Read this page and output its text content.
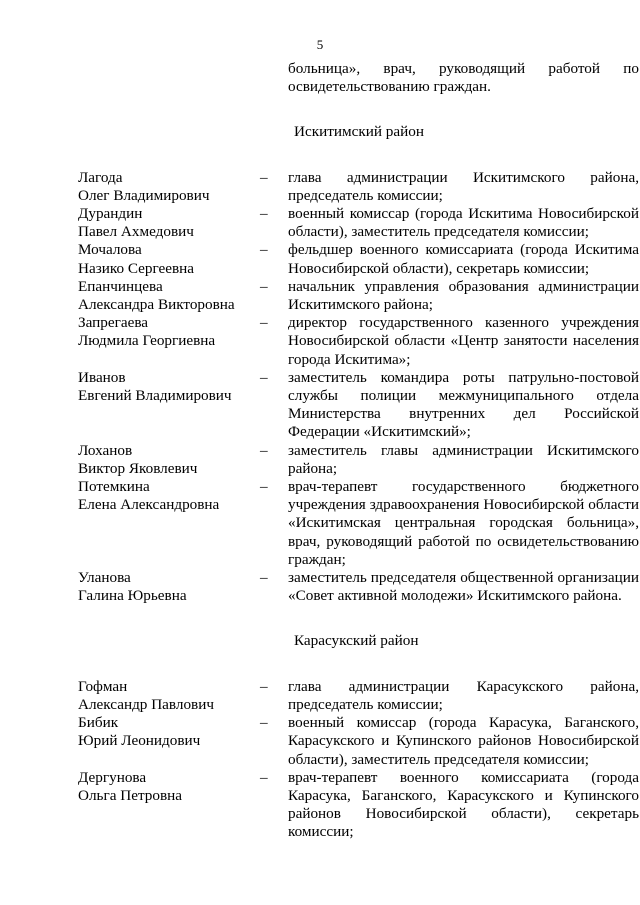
5
больница», врач, руководящий работой по освидетельствованию граждан.
Искитимский район
Лагода
Олег Владимирович
–	глава администрации Искитимского района, председатель комиссии;
Дурандин
Павел Ахмедович
–	военный комиссар (города Искитима Новосибирской области), заместитель председателя комиссии;
Мочалова
Назико Сергеевна
–	фельдшер военного комиссариата (города Искитима Новосибирской области), секретарь комиссии;
Епанчинцева
Александра Викторовна
–	начальник управления образования администрации Искитимского района;
Запрегаева
Людмила Георгиевна
–	директор государственного казенного учреждения Новосибирской области «Центр занятости населения города Искитима»;
Иванов
Евгений Владимирович
–	заместитель командира роты патрульно-постовой службы полиции межмуниципального отдела Министерства внутренних дел Российской Федерации «Искитимский»;
Лоханов
Виктор Яковлевич
–	заместитель главы администрации Искитимского района;
Потемкина
Елена Александровна
–	врач-терапевт государственного бюджетного учреждения здравоохранения Новосибирской области «Искитимская центральная городская больница», врач, руководящий работой по освидетельствованию граждан;
Уланова
Галина Юрьевна
–	заместитель председателя общественной организации «Совет активной молодежи» Искитимского района.
Карасукский район
Гофман
Александр Павлович
–	глава администрации Карасукского района, председатель комиссии;
Бибик
Юрий Леонидович
–	военный комиссар (города Карасука, Баганского, Карасукского и Купинского районов Новосибирской области), заместитель председателя комиссии;
Дергунова
Ольга Петровна
–	врач-терапевт военного комиссариата (города Карасука, Баганского, Карасукского и Купинского районов Новосибирской области), секретарь комиссии;
